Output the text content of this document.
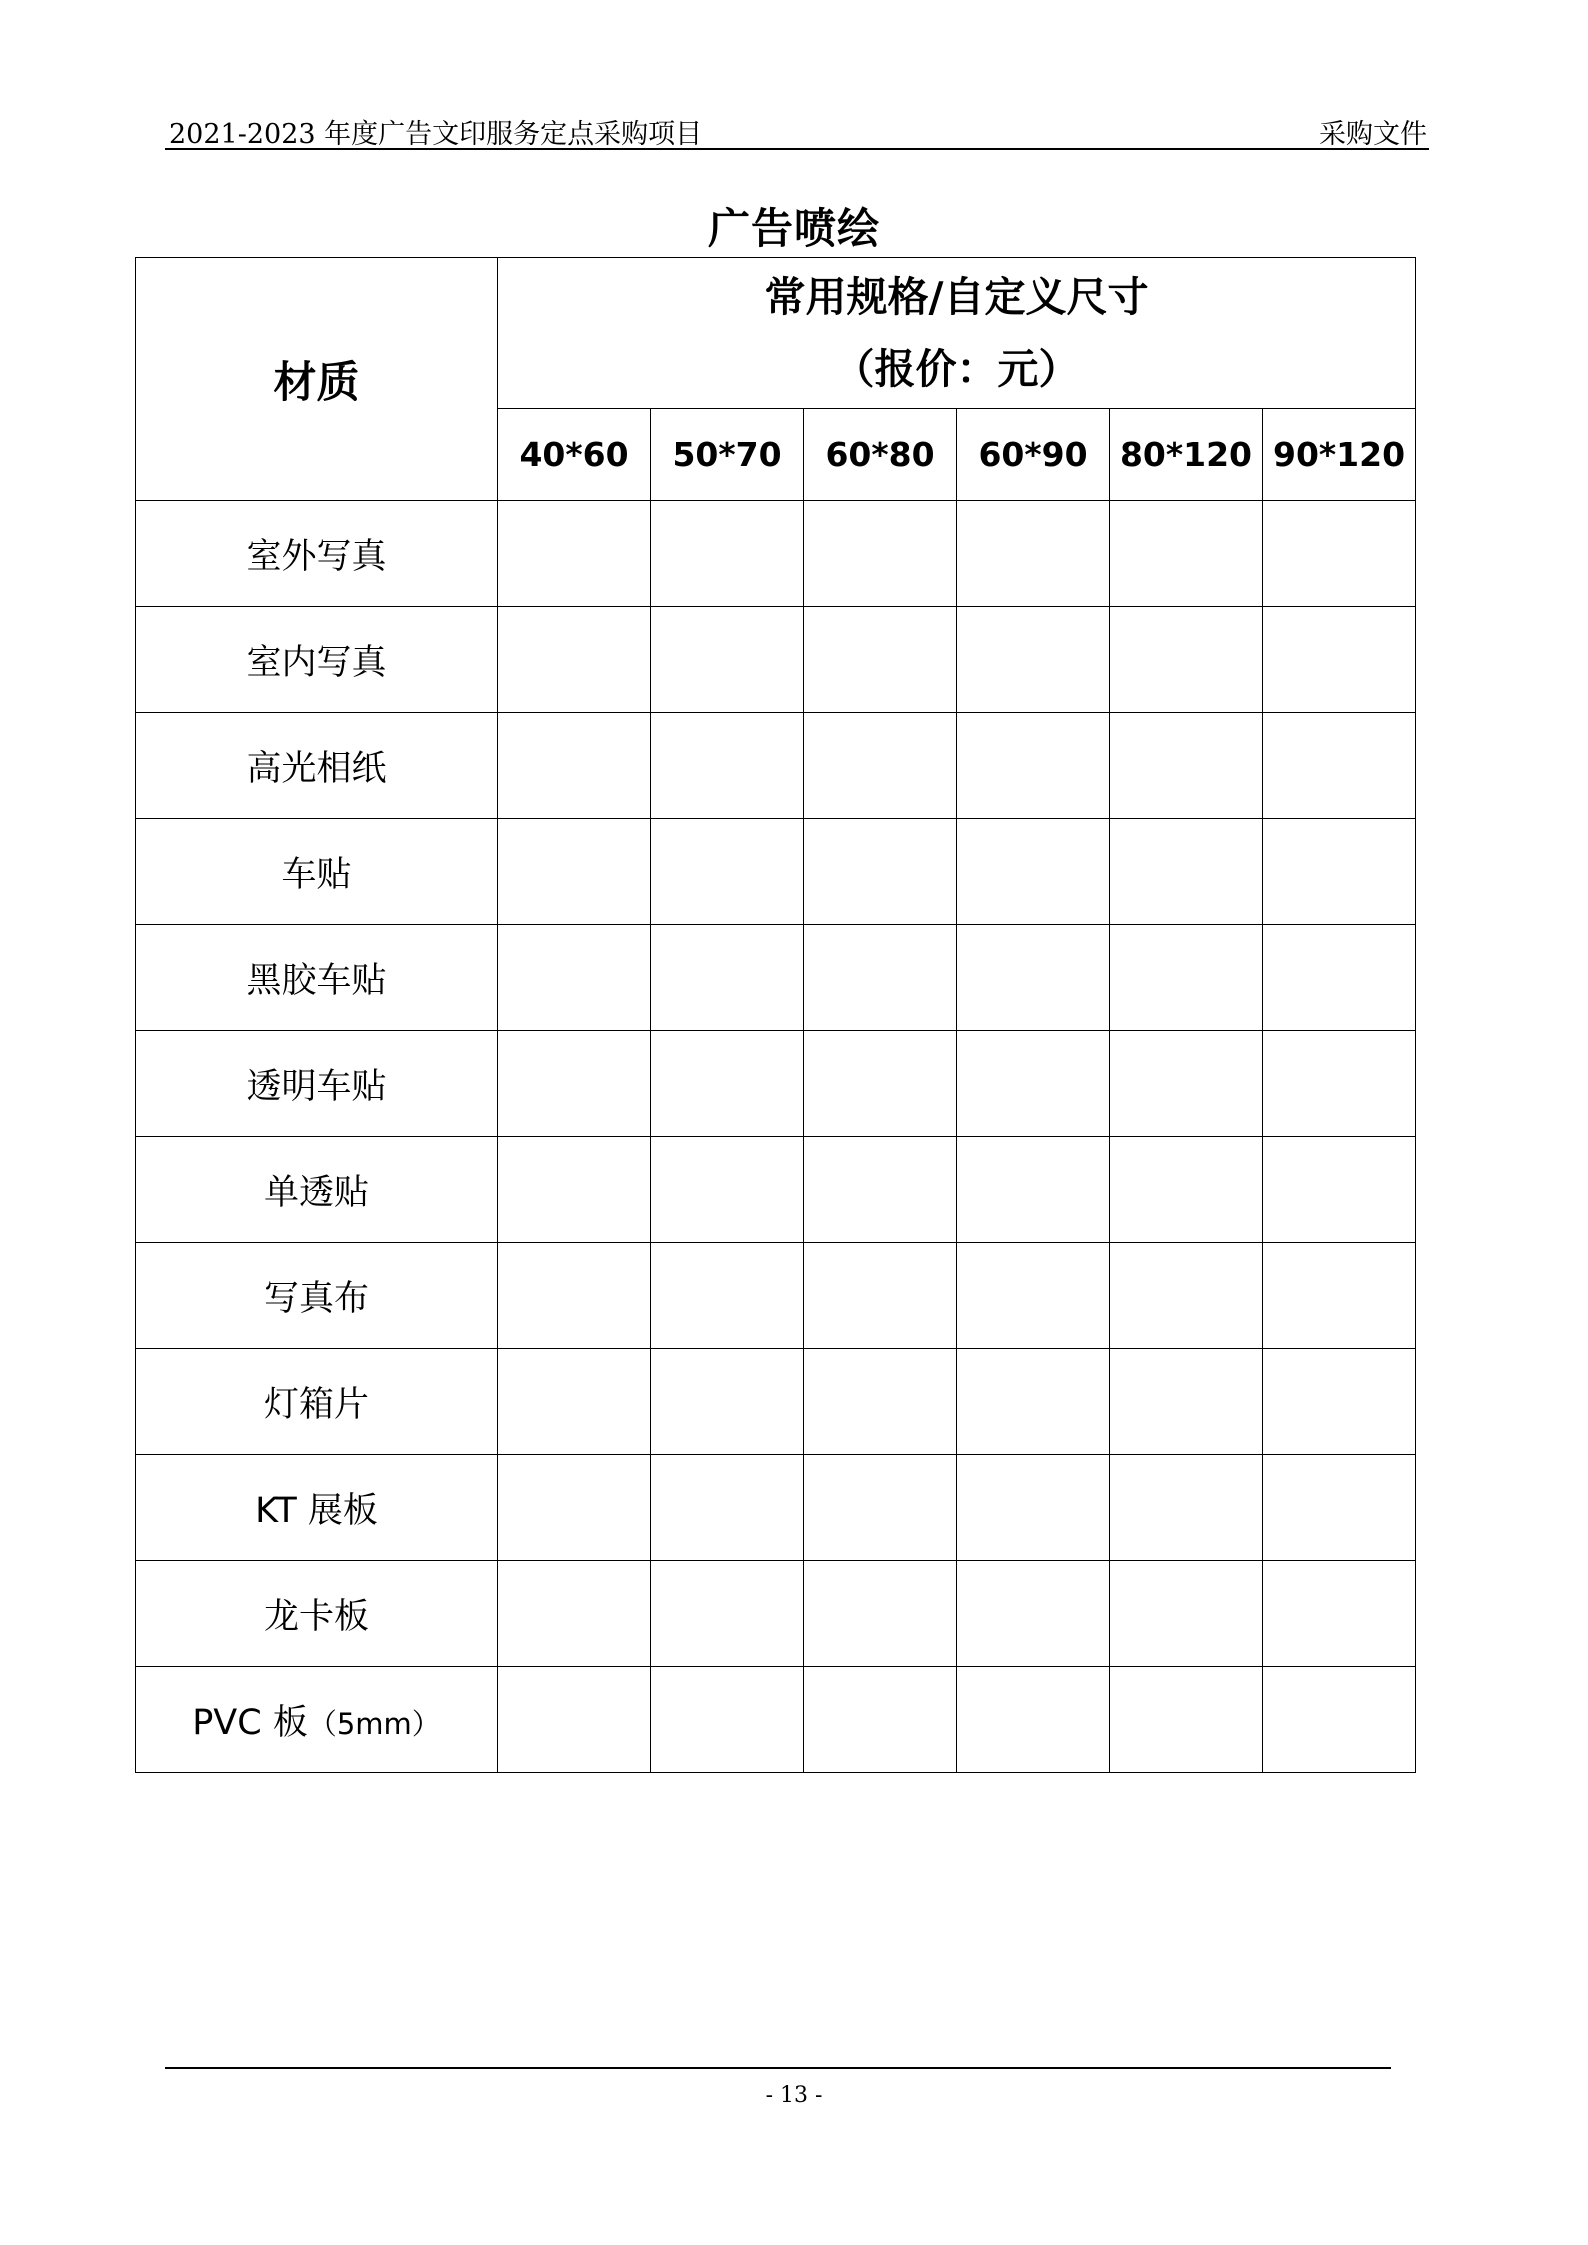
2021-2023 年度广告文印服务定点采购项目	采购文件
广告喷绘
材质	常用规格/自定义尺寸
（报价：元）					

	40*60	50*70	60*80	60*90	80*120	90*120
室外写真						
室内写真						
高光相纸						
车贴						
黑胶车贴						
透明车贴						
单透贴						
写真布						
灯箱片						
KT 展板						
龙卡板						
PVC 板（5mm）						
- 13 -
